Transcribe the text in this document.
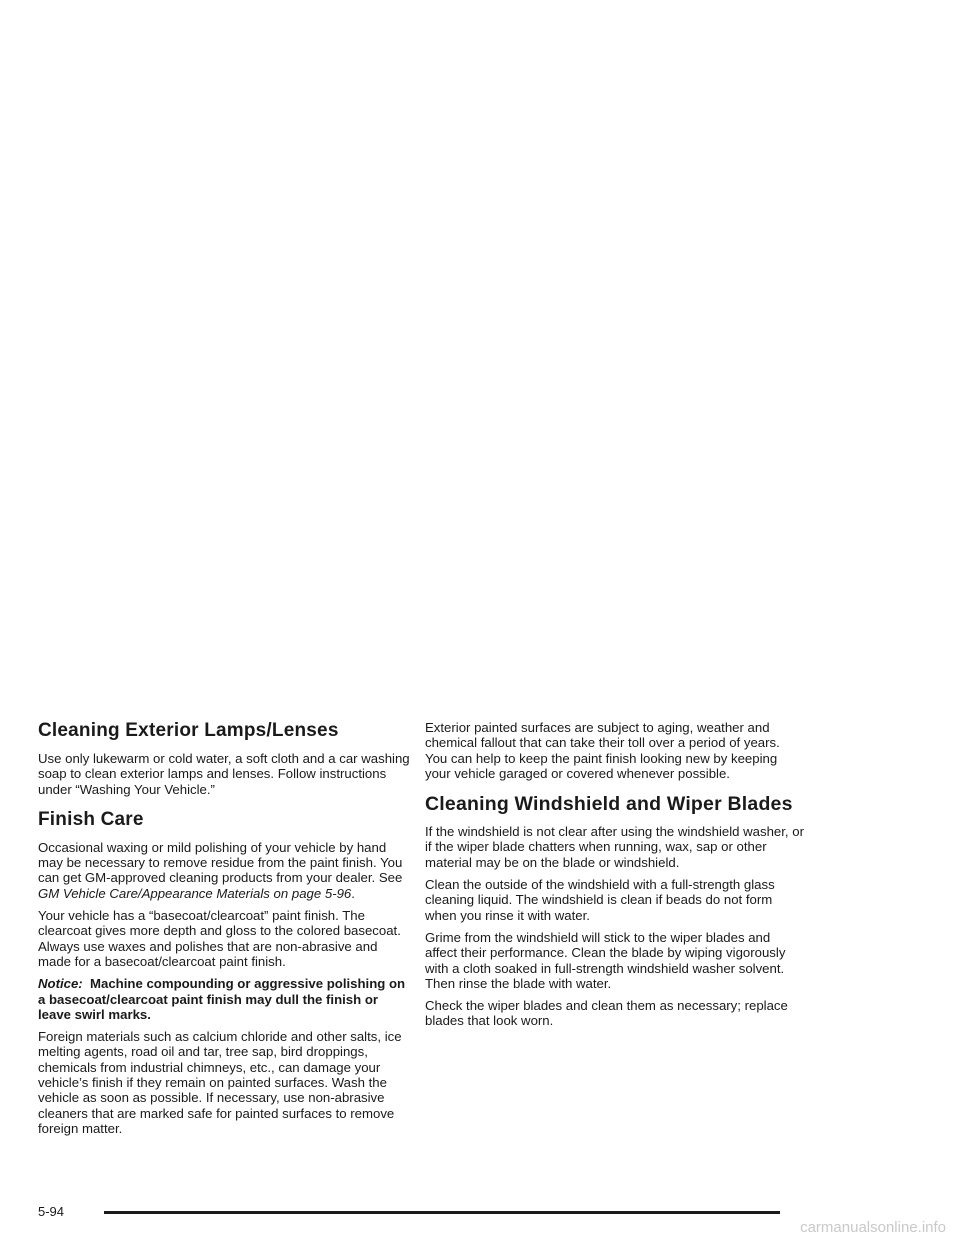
Cleaning Exterior Lamps/Lenses

Use only lukewarm or cold water, a soft cloth and a car washing soap to clean exterior lamps and lenses. Follow instructions under “Washing Your Vehicle.”

Finish Care

Occasional waxing or mild polishing of your vehicle by hand may be necessary to remove residue from the paint finish. You can get GM-approved cleaning products from your dealer. See GM Vehicle Care/Appearance Materials on page 5-96.

Your vehicle has a “basecoat/clearcoat” paint finish. The clearcoat gives more depth and gloss to the colored basecoat. Always use waxes and polishes that are non-abrasive and made for a basecoat/clearcoat paint finish.

Notice: Machine compounding or aggressive polishing on a basecoat/clearcoat paint finish may dull the finish or leave swirl marks.

Foreign materials such as calcium chloride and other salts, ice melting agents, road oil and tar, tree sap, bird droppings, chemicals from industrial chimneys, etc., can damage your vehicle’s finish if they remain on painted surfaces. Wash the vehicle as soon as possible. If necessary, use non-abrasive cleaners that are marked safe for painted surfaces to remove foreign matter.

Exterior painted surfaces are subject to aging, weather and chemical fallout that can take their toll over a period of years. You can help to keep the paint finish looking new by keeping your vehicle garaged or covered whenever possible.

Cleaning Windshield and Wiper Blades

If the windshield is not clear after using the windshield washer, or if the wiper blade chatters when running, wax, sap or other material may be on the blade or windshield.

Clean the outside of the windshield with a full-strength glass cleaning liquid. The windshield is clean if beads do not form when you rinse it with water.

Grime from the windshield will stick to the wiper blades and affect their performance. Clean the blade by wiping vigorously with a cloth soaked in full-strength windshield washer solvent. Then rinse the blade with water.

Check the wiper blades and clean them as necessary; replace blades that look worn.

5-94
carmanualsonline.info
